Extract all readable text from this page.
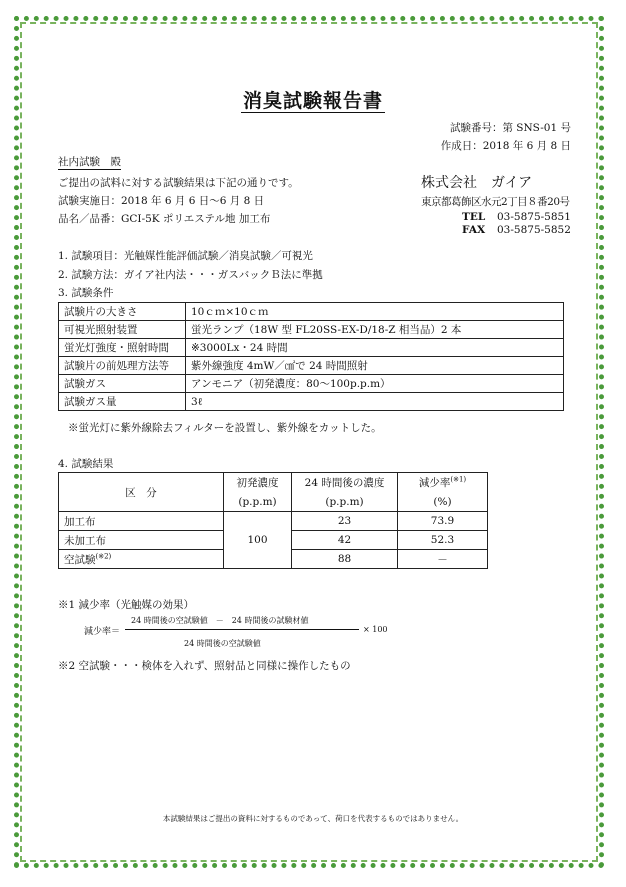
消臭試験報告書
試験番号：第 SNS-01 号
作成日：2018 年 6 月 8 日
社内試験　殿
ご提出の試料に対する試験結果は下記の通りです。
試験実施日：2018 年 6 月 6 日～6 月 8 日
品名／品番：GCI-5K ポリエステル地 加工布
株式会社　ガイア
東京都葛飾区水元2丁目８番20号
TEL 03-5875-5851
FAX 03-5875-5852
1. 試験項目：光触媒性能評価試験／消臭試験／可視光
2. 試験方法：ガイア社内法・・・ガスバックＢ法に準拠
3. 試験条件
試験片の大きさ	10ｃｍ×10ｃｍ
可視光照射装置	蛍光ランプ（18W 型 FL20SS-EX-D/18-Z 相当品）2 本
蛍光灯強度・照射時間	※3000Lx・24 時間
試験片の前処理方法等	紫外線強度 4mW／㎠で 24 時間照射
試験ガス	アンモニア（初発濃度：80～100p.p.m）
試験ガス量	3ℓ
※蛍光灯に紫外線除去フィルターを設置し、紫外線をカットした。
4. 試験結果
区　分	初発濃度	24 時間後の濃度	減少率$^{(※1)}$
	(p.p.m)	(p.p.m)	(%)
加工布	100	23	73.9
未加工布		42	52.3
空試験$^{(※2)}$		88	－
※1 減少率（光触媒の効果）
24 時間後の空試験値　－　24 時間後の試験材値
減少率＝
24 時間後の空試験値
× 100
※2 空試験・・・検体を入れず、照射品と同様に操作したもの
本試験結果はご提出の資料に対するものであって、荷口を代表するものではありません。
